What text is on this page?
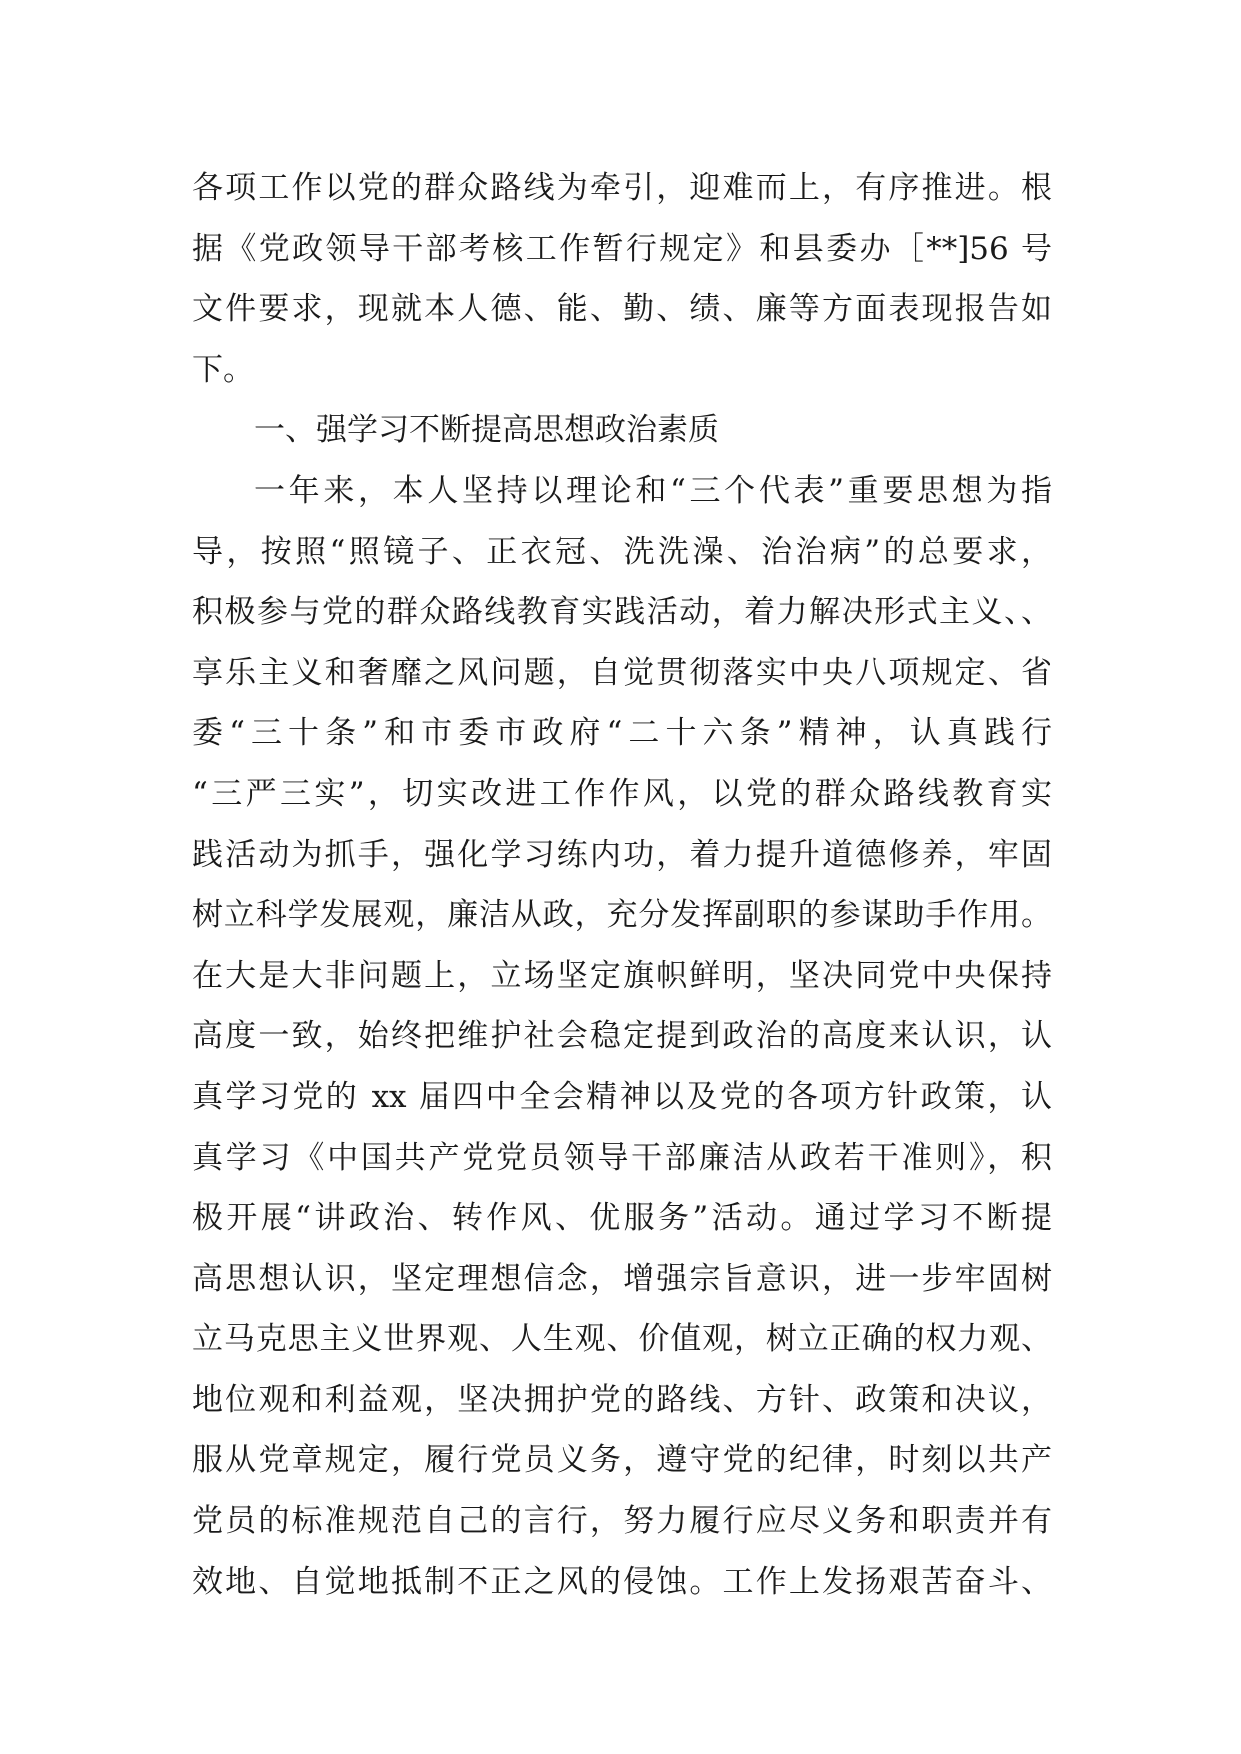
各项工作以党的群众路线为牵引，迎难而上，有序推进。根
据《党政领导干部考核工作暂行规定》和县委办［**]56 号
文件要求，现就本人德、能、勤、绩、廉等方面表现报告如
下。
一、强学习不断提高思想政治素质
一年来，本人坚持以理论和“三个代表”重要思想为指
导，按照“照镜子、正衣冠、洗洗澡、治治病”的总要求，
积极参与党的群众路线教育实践活动，着力解决形式主义、、
享乐主义和奢靡之风问题，自觉贯彻落实中央八项规定、省
委“三十条”和市委市政府“二十六条”精神，认真践行
“三严三实”，切实改进工作作风，以党的群众路线教育实
践活动为抓手，强化学习练内功，着力提升道德修养，牢固
树立科学发展观，廉洁从政，充分发挥副职的参谋助手作用。
在大是大非问题上，立场坚定旗帜鲜明，坚决同党中央保持
高度一致，始终把维护社会稳定提到政治的高度来认识，认
真学习党的 xx 届四中全会精神以及党的各项方针政策，认
真学习《中国共产党党员领导干部廉洁从政若干准则》，积
极开展“讲政治、转作风、优服务”活动。通过学习不断提
高思想认识，坚定理想信念，增强宗旨意识，进一步牢固树
立马克思主义世界观、人生观、价值观，树立正确的权力观、
地位观和利益观，坚决拥护党的路线、方针、政策和决议，
服从党章规定，履行党员义务，遵守党的纪律，时刻以共产
党员的标准规范自己的言行，努力履行应尽义务和职责并有
效地、自觉地抵制不正之风的侵蚀。工作上发扬艰苦奋斗、
